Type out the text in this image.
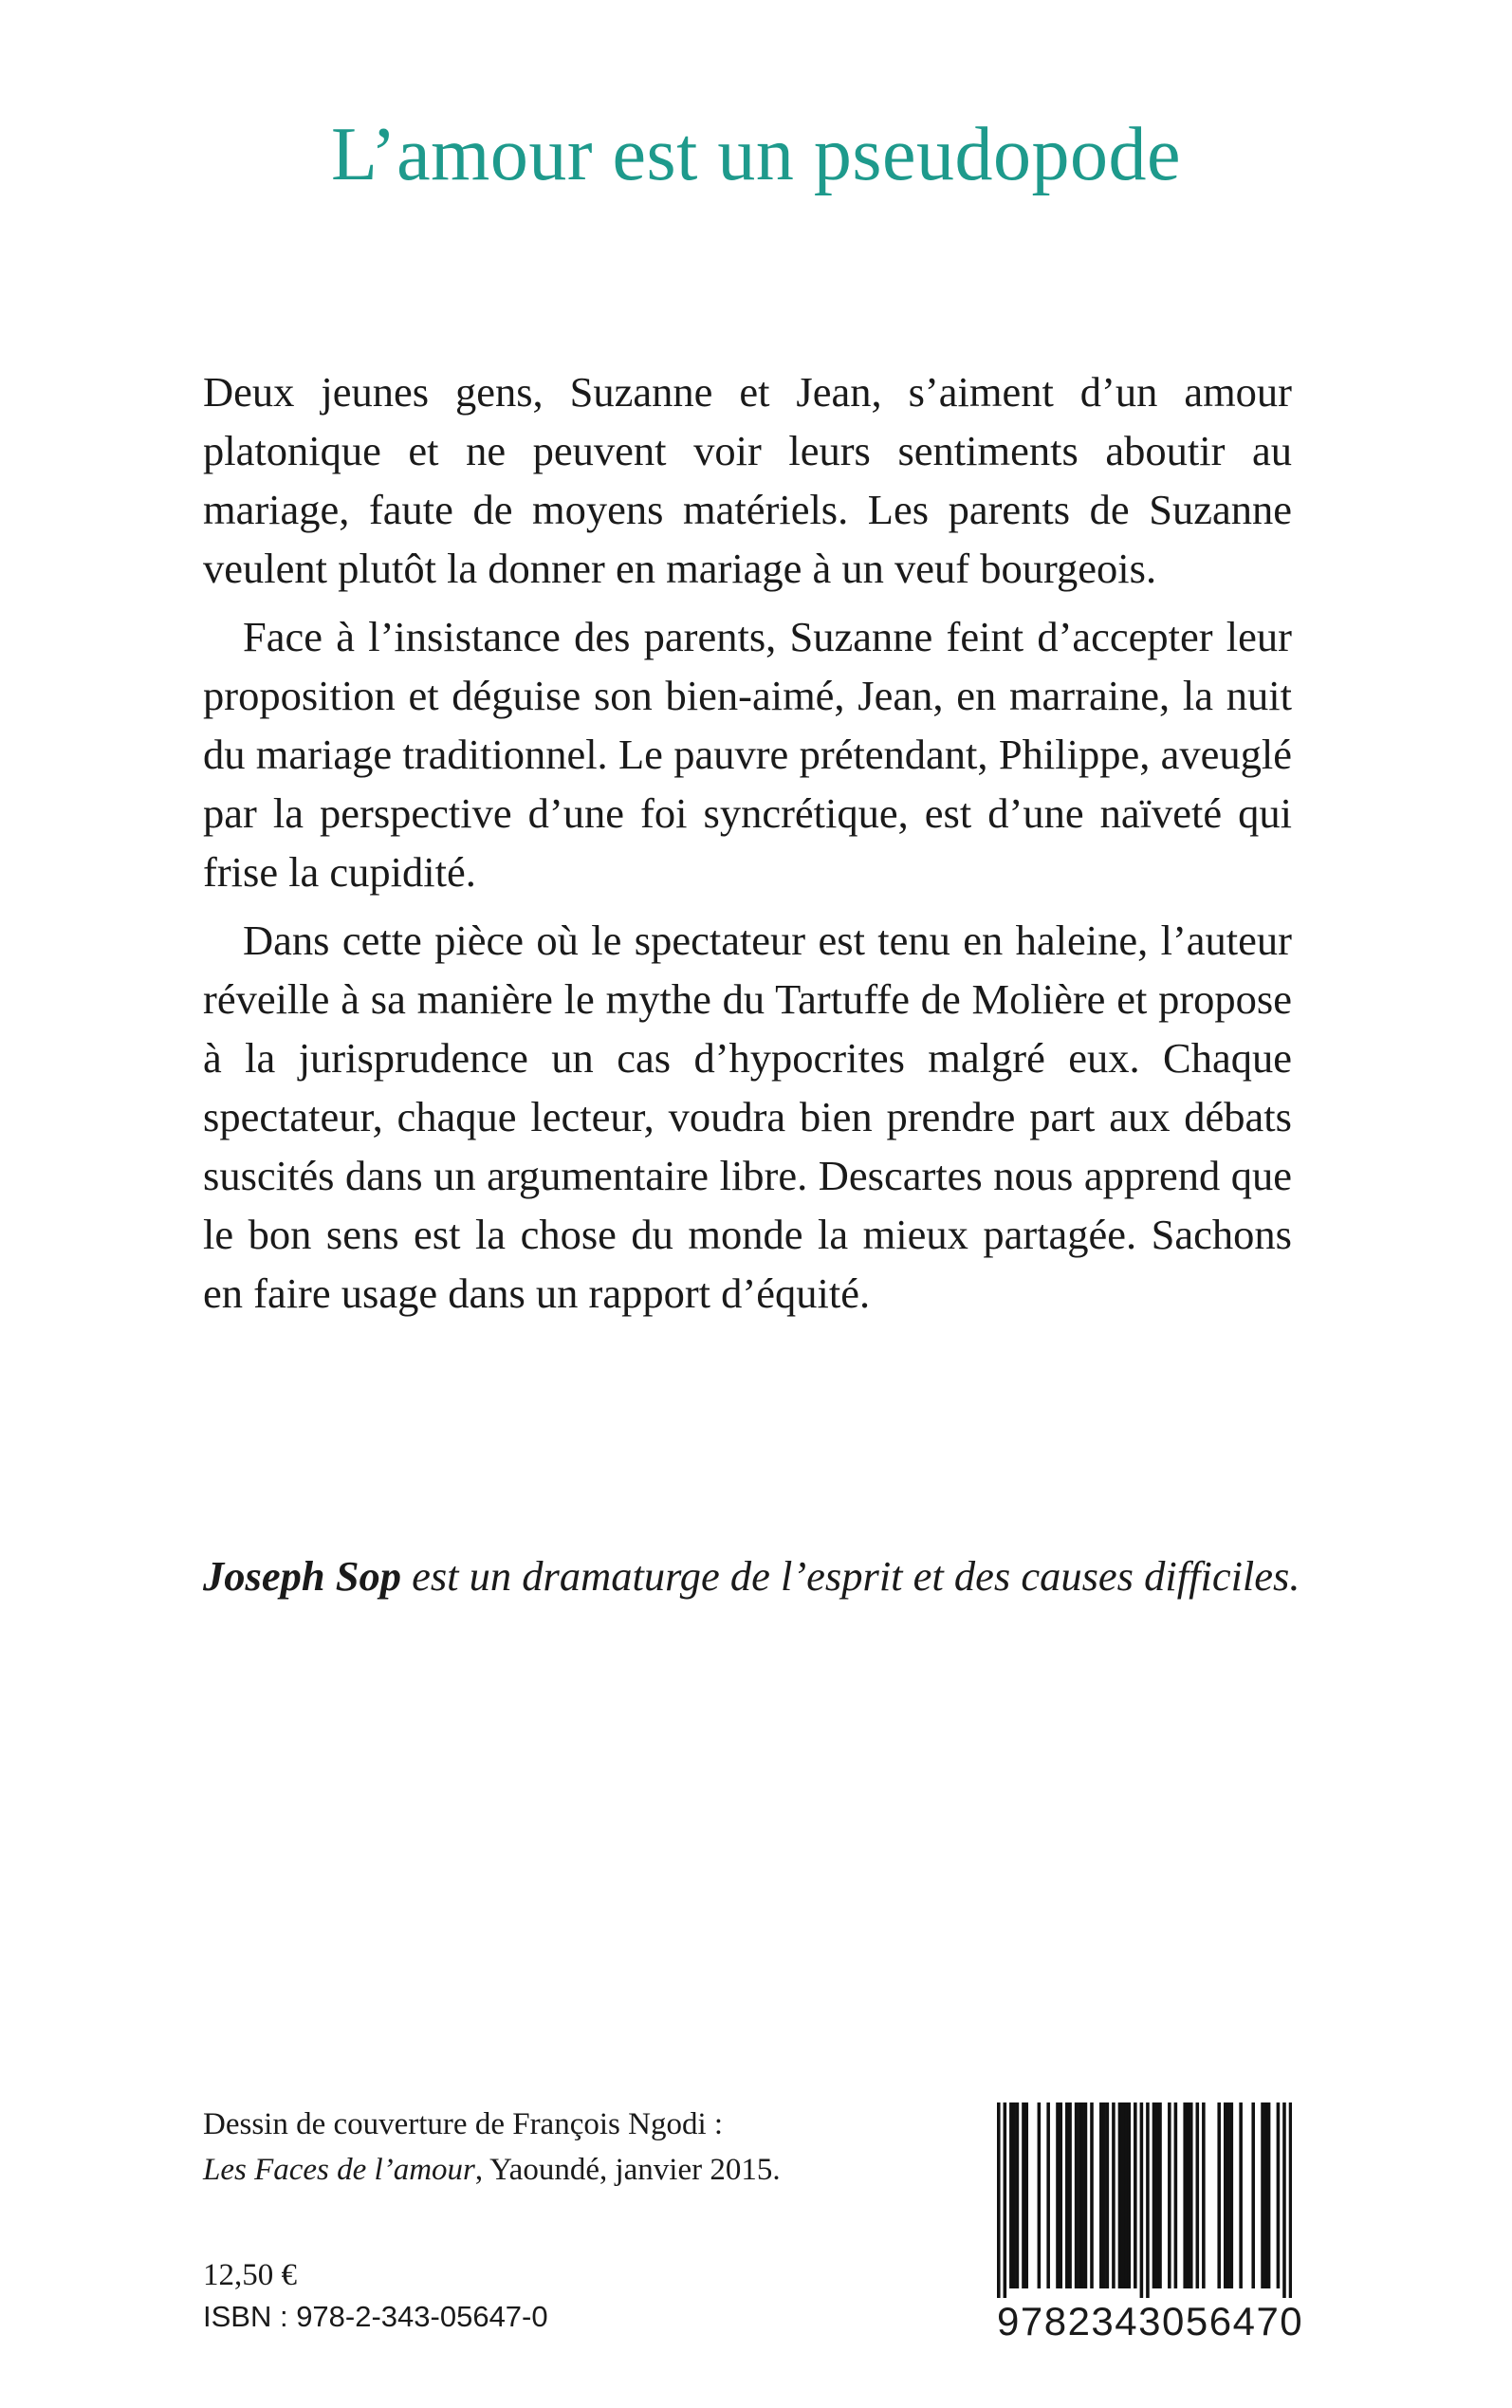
L’amour est un pseudopode

Deux jeunes gens, Suzanne et Jean, s’aiment d’un amour platonique et ne peuvent voir leurs sentiments aboutir au mariage, faute de moyens matériels. Les parents de Suzanne veulent plutôt la donner en mariage à un veuf bourgeois.

Face à l’insistance des parents, Suzanne feint d’accepter leur proposition et déguise son bien-aimé, Jean, en marraine, la nuit du mariage traditionnel. Le pauvre prétendant, Philippe, aveuglé par la perspective d’une foi syncrétique, est d’une naïveté qui frise la cupidité.

Dans cette pièce où le spectateur est tenu en haleine, l’auteur réveille à sa manière le mythe du Tartuffe de Molière et propose à la jurisprudence un cas d’hypocrites malgré eux. Chaque spectateur, chaque lecteur, voudra bien prendre part aux débats suscités dans un argumentaire libre. Descartes nous apprend que le bon sens est la chose du monde la mieux partagée. Sachons en faire usage dans un rapport d’équité.

Joseph Sop est un dramaturge de l’esprit et des causes difficiles.
Dessin de couverture de François Ngodi :
Les Faces de l’amour, Yaoundé, janvier 2015.
12,50 €
ISBN : 978-2-343-05647-0	9782343056470
